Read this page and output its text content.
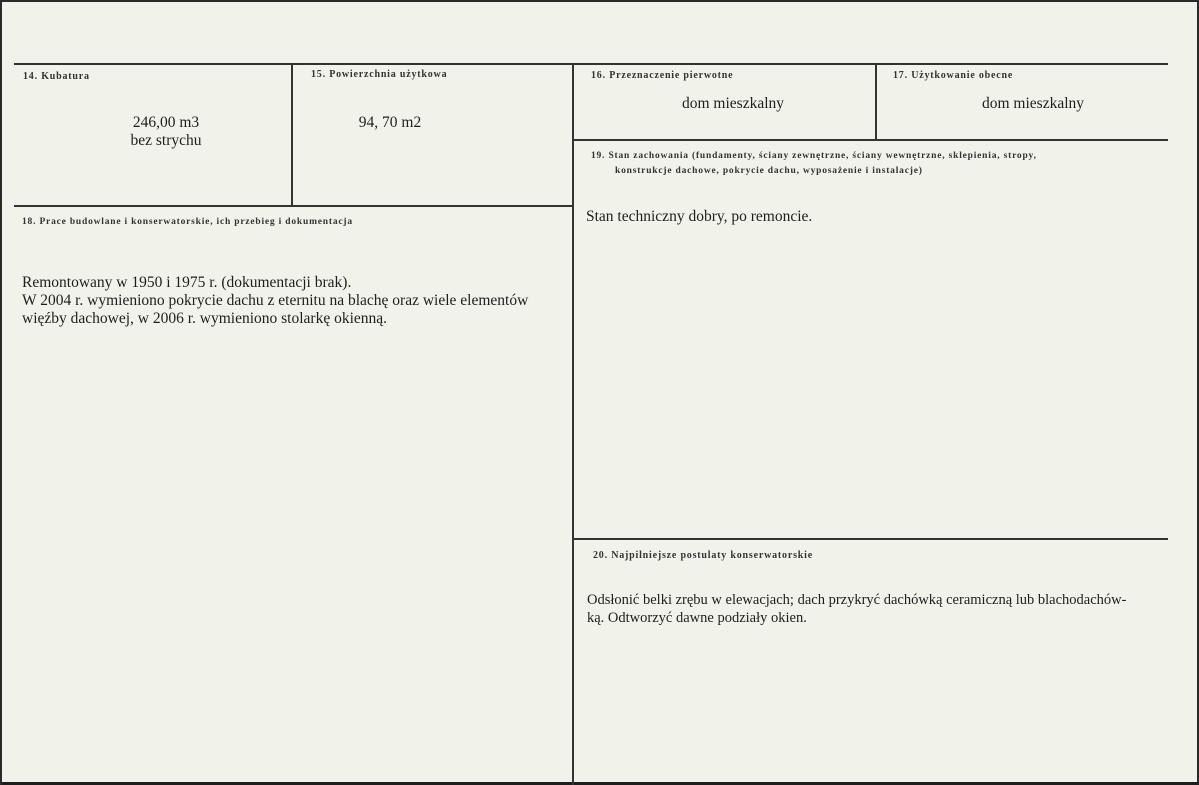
14. Kubatura
246,00 m3
bez strychu
15. Powierzchnia użytkowa
94, 70 m2
16. Przeznaczenie pierwotne
dom mieszkalny
17. Użytkowanie obecne
dom mieszkalny
18. Prace budowlane i konserwatorskie, ich przebieg i dokumentacja
Remontowany w 1950 i 1975 r. (dokumentacji brak).
W 2004 r. wymieniono pokrycie dachu z eternitu na blachę oraz wiele elementów
więźby dachowej, w 2006 r. wymieniono stolarkę okienną.
19. Stan zachowania (fundamenty, ściany zewnętrzne, ściany wewnętrzne, sklepienia, stropy,
konstrukcje dachowe, pokrycie dachu, wyposażenie i instalacje)
Stan techniczny dobry, po remoncie.
20. Najpilniejsze postulaty konserwatorskie
Odsłonić belki zrębu w elewacjach; dach przykryć dachówką ceramiczną lub blachodachów-
ką. Odtworzyć dawne podziały okien.
